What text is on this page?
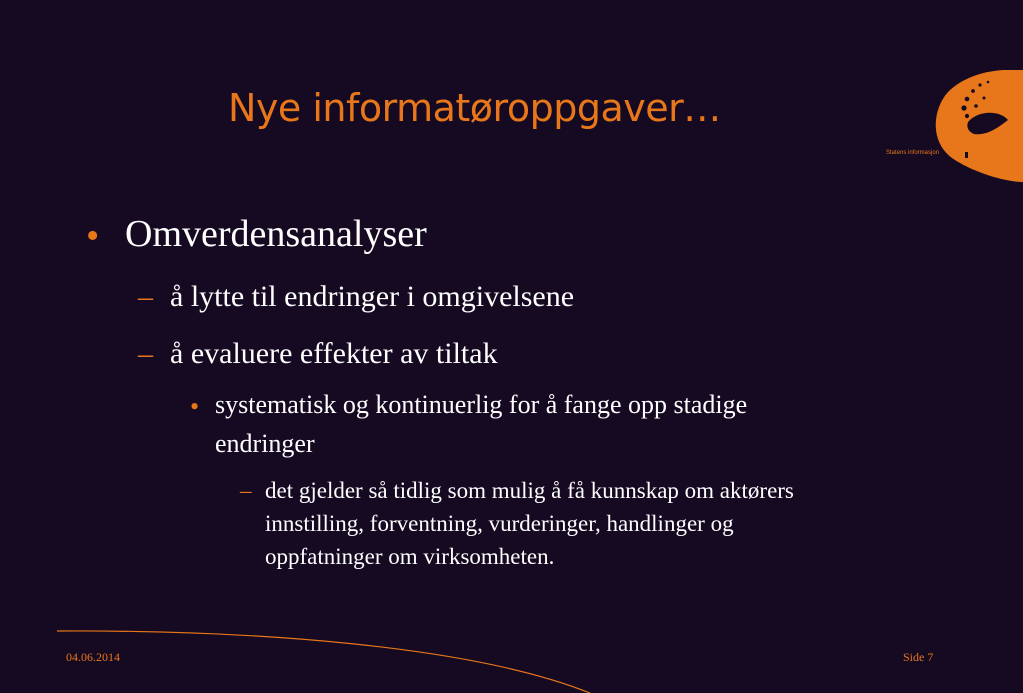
Nye informatøroppgaver…
Statens informasjon
• Omverdensanalyser
– å lytte til endringer i omgivelsene
– å evaluere effekter av tiltak
• systematisk og kontinuerlig for å fange opp stadige
endringer
– det gjelder så tidlig som mulig å få kunnskap om aktørers
innstilling, forventning, vurderinger, handlinger og
oppfatninger om virksomheten.
04.06.2014	Side 7
